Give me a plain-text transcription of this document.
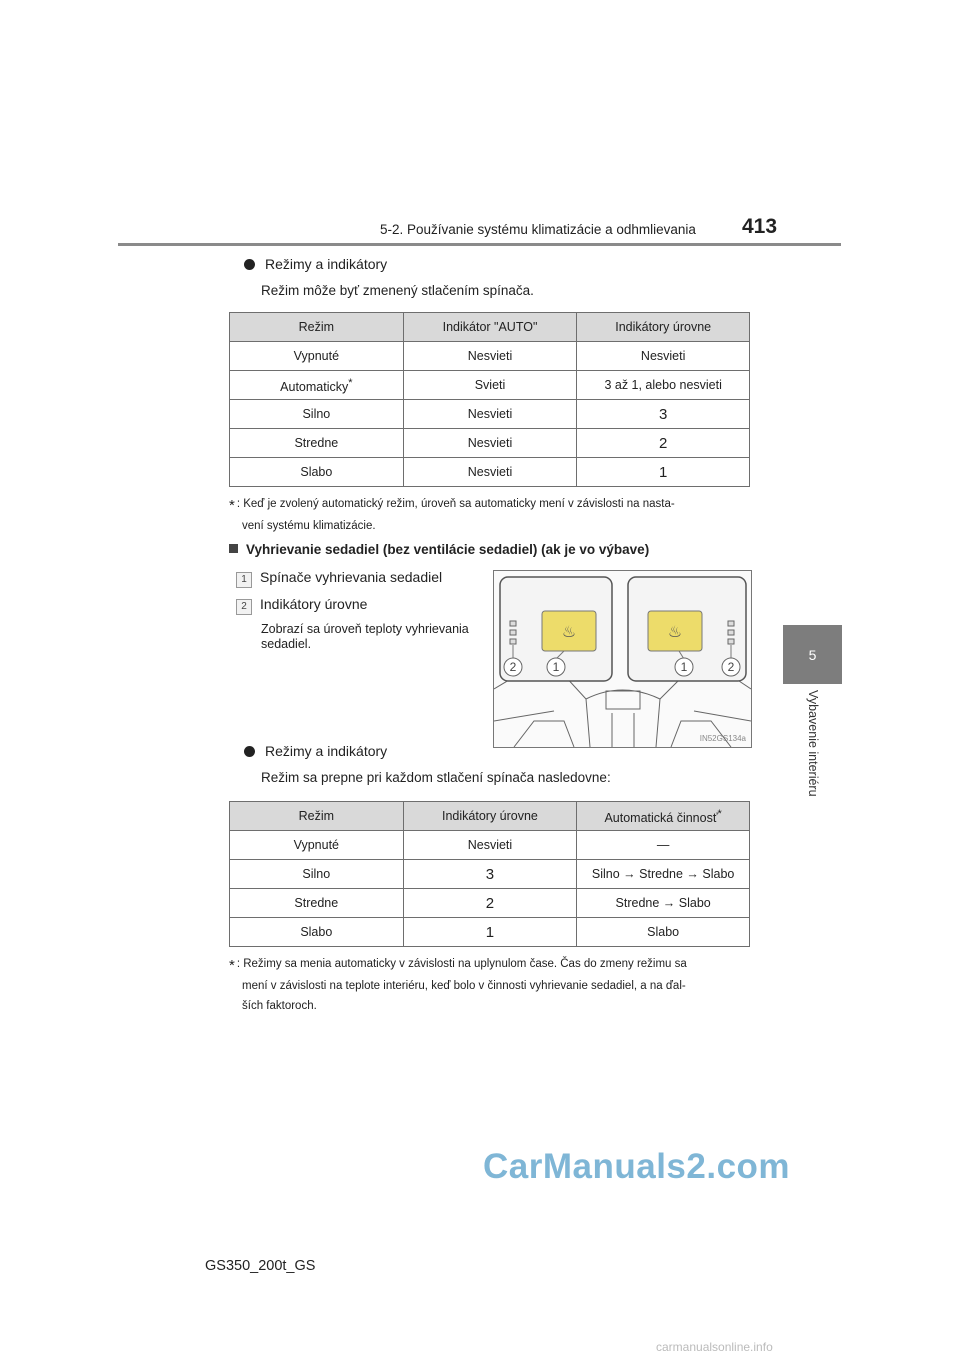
5-2. Používanie systému klimatizácie a odhmlievania 413
5
Vybavenie interiéru
Režimy a indikátory
Režim môže byť zmenený stlačením spínača.
Režim	Indikátor "AUTO"	Indikátory úrovne
Vypnuté	Nesvieti	Nesvieti
Automaticky*	Svieti	3 až 1, alebo nesvieti
Silno	Nesvieti	3
Stredne	Nesvieti	2
Slabo	Nesvieti	1
* : Keď je zvolený automatický režim, úroveň sa automaticky mení v závislosti na nasta-
vení systému klimatizácie.
Vyhrievanie sedadiel (bez ventilácie sedadiel) (ak je vo výbave)
1 Spínače vyhrievania sedadiel
2 Indikátory úrovne
Zobrazí sa úroveň teploty vyhrievania sedadiel.
♨	♨
2	1	1	2
IN52GS134a
Režimy a indikátory
Režim sa prepne pri každom stlačení spínača nasledovne:
Režim	Indikátory úrovne	Automatická činnosť*
Vypnuté	Nesvieti	—
Silno	3	Silno → Stredne → Slabo
Stredne	2	Stredne → Slabo
Slabo	1	Slabo
* : Režimy sa menia automaticky v závislosti na uplynulom čase. Čas do zmeny režimu sa
mení v závislosti na teplote interiéru, keď bolo v činnosti vyhrievanie sedadiel, a na ďal-
ších faktoroch.
GS350_200t_GS
CarManuals2.com
carmanualsonline.info
